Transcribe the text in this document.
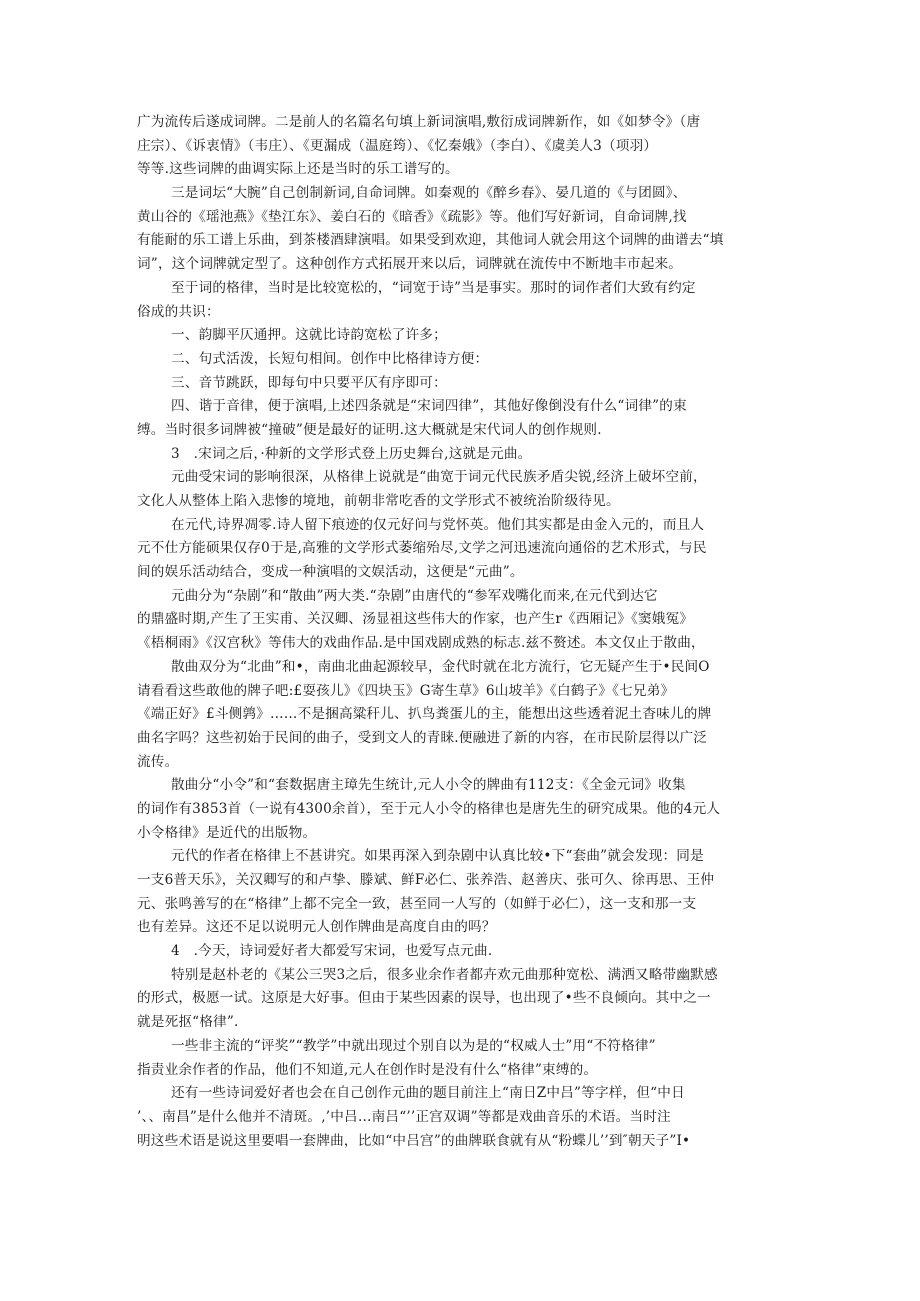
广为流传后遂成词牌。二是前人的名篇名句填上新词演唱,敷衍成词牌新作，如《如梦令》（唐
庄宗）、《诉衷情》（韦庄）、《更漏成（温庭筠）、《忆秦娥》（李白）、《虞美人3（项羽）
等等.这些词牌的曲调实际上还是当时的乐工谱写的。
三是词坛“大腕”自己创制新词,自命词牌。如秦观的《醉乡春》、晏几道的《与团圆》、
黄山谷的《瑶池燕》《垫江东》、姜白石的《暗香》《疏影》等。他们写好新词，自命词牌,找
有能耐的乐工谱上乐曲，到茶楼酒肆演唱。如果受到欢迎，其他词人就会用这个词牌的曲谱去“填
词”，这个词牌就定型了。这种创作方式拓展开来以后，词牌就在流传中不断地丰市起来。
至于词的格律，当时是比较宽松的，“词宽于诗”当是事实。那时的词作者们大致有约定
俗成的共识：
一、韵脚平仄通押。这就比诗韵宽松了许多；
二、句式活泼，长短句相间。创作中比格律诗方便：
三、音节跳跃，即每句中只要平仄有序即可：
四、谐于音律，便于演唱,上述四条就是“宋词四律”，其他好像倒没有什么“词律”的束
缚。当时很多词牌被“撞破”便是最好的证明.这大概就是宋代词人的创作规则.
3　.宋词之后，·种新的文学形式登上历史舞台,这就是元曲。
元曲受宋词的影响很深，从格律上说就是“曲宽于词元代民族矛盾尖锐,经济上破坏空前，
文化人从整体上陷入悲惨的境地，前朝非常吃香的文学形式不被统治阶级待见。
在元代,诗界凋零.诗人留下痕迹的仅元好问与党怀英。他们其实都是由金入元的，而且人
元不仕方能硕果仅存0于是,高雅的文学形式萎缩殆尽,文学之河迅速流向通俗的艺术形式，与民
间的娱乐活动结合，变成一种演唱的文娱活动，这便是“元曲”。
元曲分为“杂剧”和“散曲”两大类.“杂剧”由唐代的“参军戏嘴化而来,在元代到达它
的鼎盛时期,产生了王实甫、关汉卿、汤显祖这些伟大的作家，也产生r《西厢记》《窦娥冤》
《梧桐雨》《汉宫秋》等伟大的戏曲作品.是中国戏剧成熟的标志.兹不赘述。本文仅止于散曲，
散曲双分为“北曲”和•，南曲北曲起源较早，金代时就在北方流行，它无疑产生于•民间O
请看看这些敢他的牌子吧:£耍孩儿》《四块玉》G寄生草》6山坡羊》《白鹤子》《七兄弟》
《端正好》£斗侧鹑》……不是捆高粱秆儿、扒鸟粪蛋儿的主，能想出这些透着泥土杳味儿的牌
曲名字吗？这些初始于民间的曲子，受到文人的青睐.便融进了新的内容，在市民阶层得以广泛
流传。
散曲分“小令”和“套数据唐主璋先生统计,元人小令的牌曲有112支：《全金元词》收集
的词作有3853首（一说有4300余首），至于元人小令的格律也是唐先生的研究成果。他的4元人
小令格律》是近代的出版物。
元代的作者在格律上不甚讲究。如果再深入到杂剧中认真比较•下“套曲”就会发现：同是
一支6普天乐》，关汉卿写的和卢挚、滕斌、鲜F必仁、张养浩、赵善庆、张可久、徐再思、王仲
元、张鸣善写的在“格律”上都不完全一致，甚至同一人写的（如鲜于必仁），这一支和那一支
也有差异。这还不足以说明元人创作牌曲是高度自由的吗？
4　.今天，诗词爱好者大都爱写宋词，也爱写点元曲.
特别是赵朴老的《某公三哭3之后，很多业余作者都卉欢元曲那种宽松、满洒又略带幽默感
的形式，极愿一试。这原是大好事。但由于某些因素的误导，也出现了•些不良倾向。其中之一
就是死抠“格律”.
一些非主流的“评奖”“教学”中就出现过个别自以为是的“权威人士”用“不符格律”
指责业余作者的作品，他们不知道,元人在创作时是没有什么“格律”束缚的。
还有一些诗词爱好者也会在自己创作元曲的题目前注上“南日Z中吕”等字样，但“中日
’、、南昌”是什么他并不清斑。,’中吕…南吕“’’正宫双调”等都是戏曲音乐的术语。当时注
明这些术语是说这里要唱一套牌曲，比如“中吕宫”的曲牌联食就有从“粉蝶儿’’到″朝天子”I•
